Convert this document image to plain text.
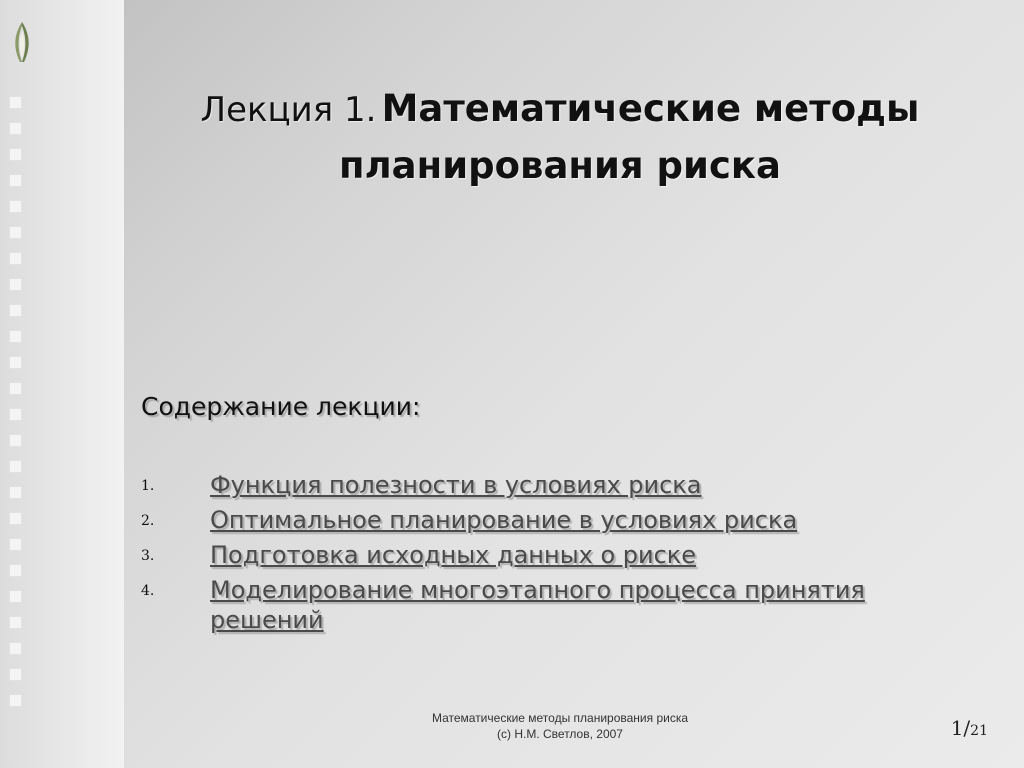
Лекция 1. Математические методы планирования риска
Содержание лекции:
1. Функция полезности в условиях риска
2. Оптимальное планирование в условиях риска
3. Подготовка исходных данных о риске
4. Моделирование многоэтапного процесса принятия решений
Математические методы планирования риска
(с) Н.М. Светлов, 2007	1/21
